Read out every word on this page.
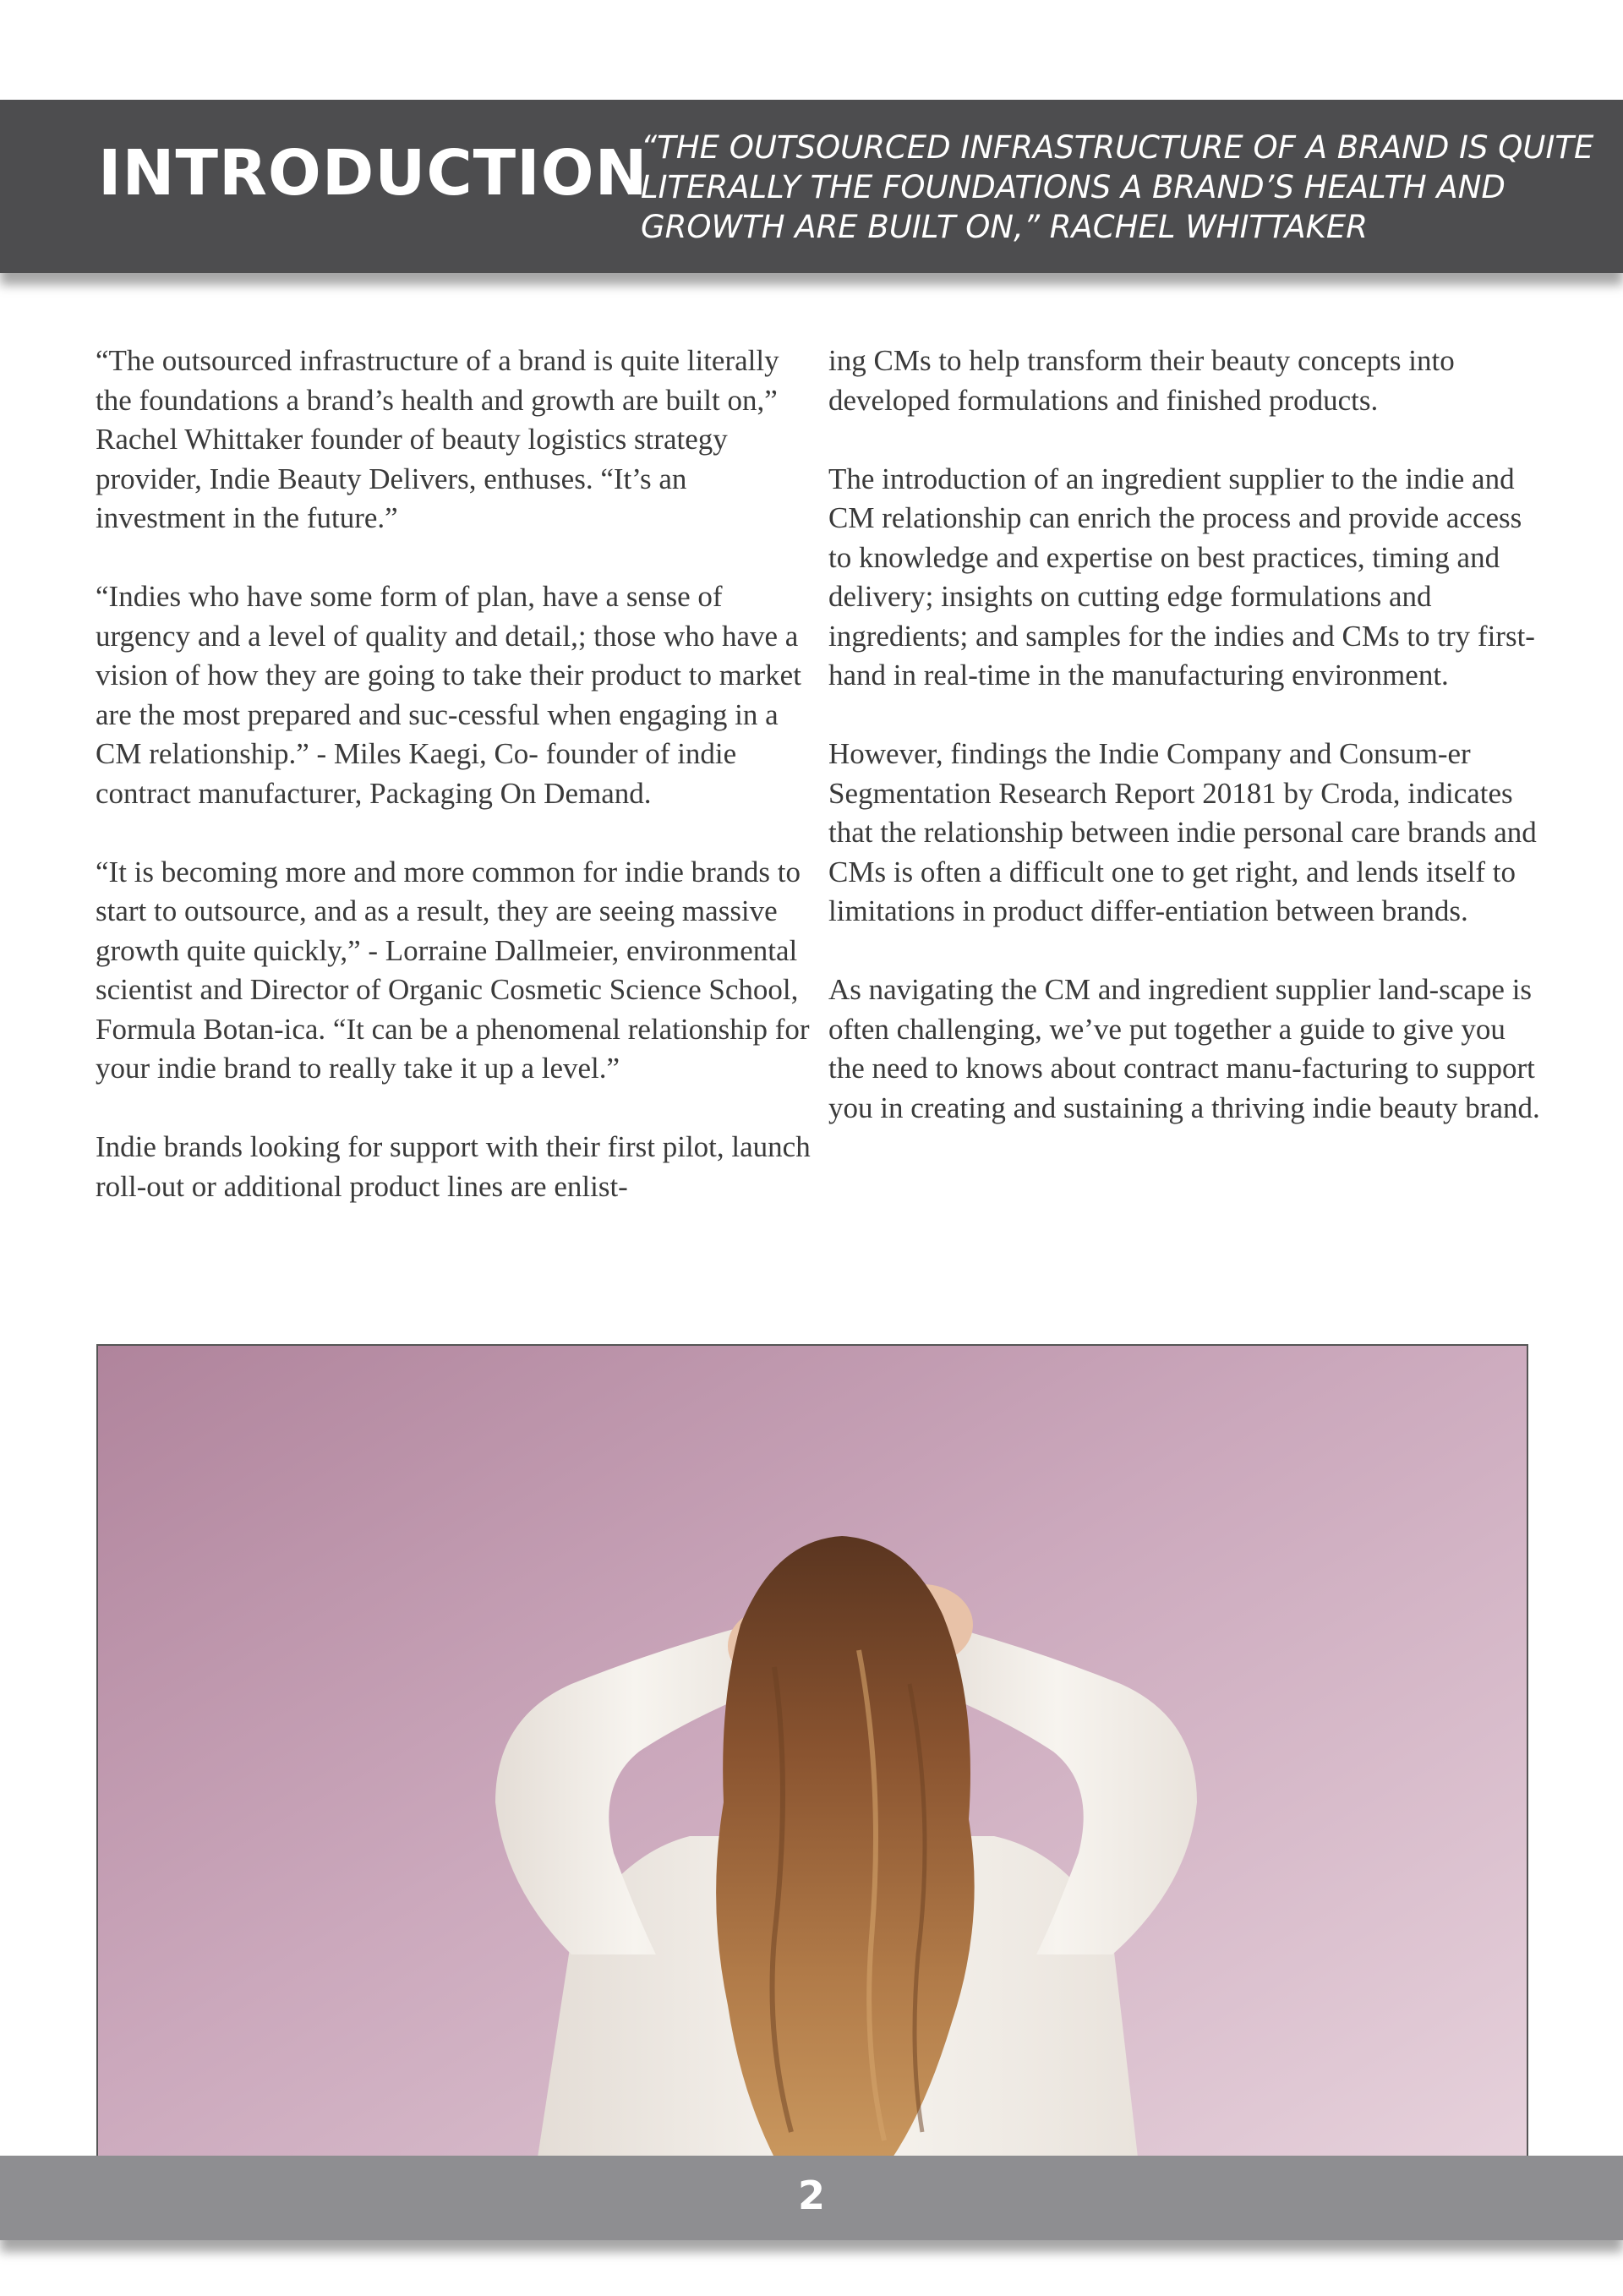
INTRODUCTION

“THE OUTSOURCED INFRASTRUCTURE OF A BRAND IS QUITE LITERALLY THE FOUNDATIONS A BRAND’S HEALTH AND GROWTH ARE BUILT ON,” RACHEL WHITTAKER

“The outsourced infrastructure of a brand is quite literally the foundations a brand’s health and growth are built on,” Rachel Whittaker founder of beauty logistics strategy provider, Indie Beauty Delivers, enthuses. “It’s an investment in the future.”

“Indies who have some form of plan, have a sense of urgency and a level of quality and detail,; those who have a vision of how they are going to take their product to market are the most prepared and suc-cessful when engaging in a CM relationship.” - Miles Kaegi, Co- founder of indie contract manufacturer, Packaging On Demand.

“It is becoming more and more common for indie brands to start to outsource, and as a result, they are seeing massive growth quite quickly,” - Lorraine Dallmeier, environmental scientist and Director of Organic Cosmetic Science School, Formula Botan-ica. “It can be a phenomenal relationship for your indie brand to really take it up a level.”

Indie brands looking for support with their first pilot, launch roll-out or additional product lines are enlist-

ing CMs to help transform their beauty concepts into developed formulations and finished products.

The introduction of an ingredient supplier to the indie and CM relationship can enrich the process and provide access to knowledge and expertise on best practices, timing and delivery; insights on cutting edge formulations and ingredients; and samples for the indies and CMs to try first-hand in real-time in the manufacturing environment.

However, findings the Indie Company and Consum-er Segmentation Research Report 20181 by Croda, indicates that the relationship between indie personal care brands and CMs is often a difficult one to get right, and lends itself to limitations in product differ-entiation between brands.

As navigating the CM and ingredient supplier land-scape is often challenging, we’ve put together a guide to give you the need to knows about contract manu-facturing to support you in creating and sustaining a thriving indie beauty brand.

2
